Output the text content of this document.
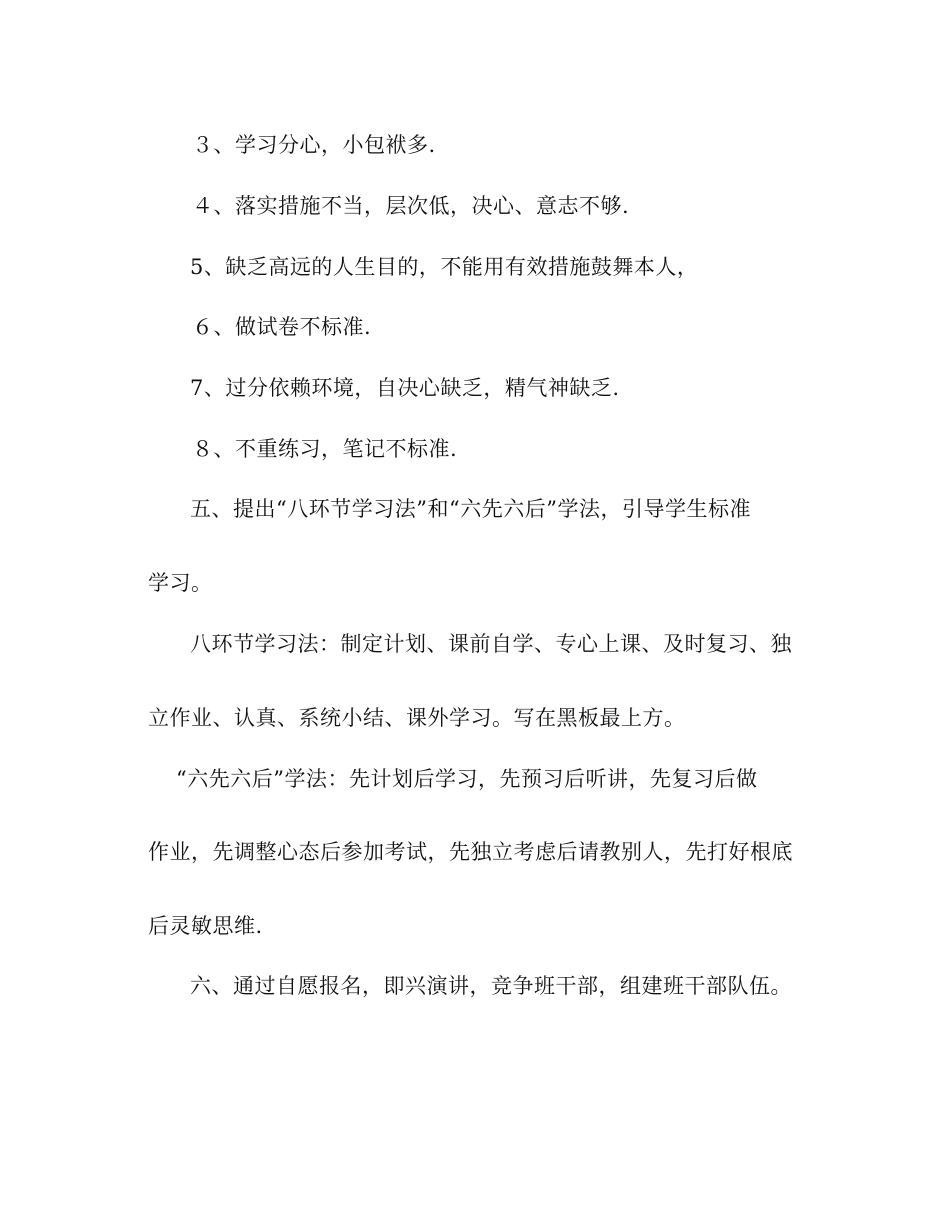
３、学习分心，小包袱多.
４、落实措施不当，层次低，决心、意志不够.
5、缺乏高远的人生目的，不能用有效措施鼓舞本人，
６、做试卷不标准.
7、过分依赖环境，自决心缺乏，精气神缺乏.
８、不重练习，笔记不标准.
五、提出“八环节学习法”和“六先六后”学法，引导学生标准
学习。
八环节学习法：制定计划、课前自学、专心上课、及时复习、独
立作业、认真、系统小结、课外学习。写在黑板最上方。
“六先六后”学法：先计划后学习，先预习后听讲，先复习后做
作业，先调整心态后参加考试，先独立考虑后请教别人，先打好根底
后灵敏思维.
六、通过自愿报名，即兴演讲，竞争班干部，组建班干部队伍。
